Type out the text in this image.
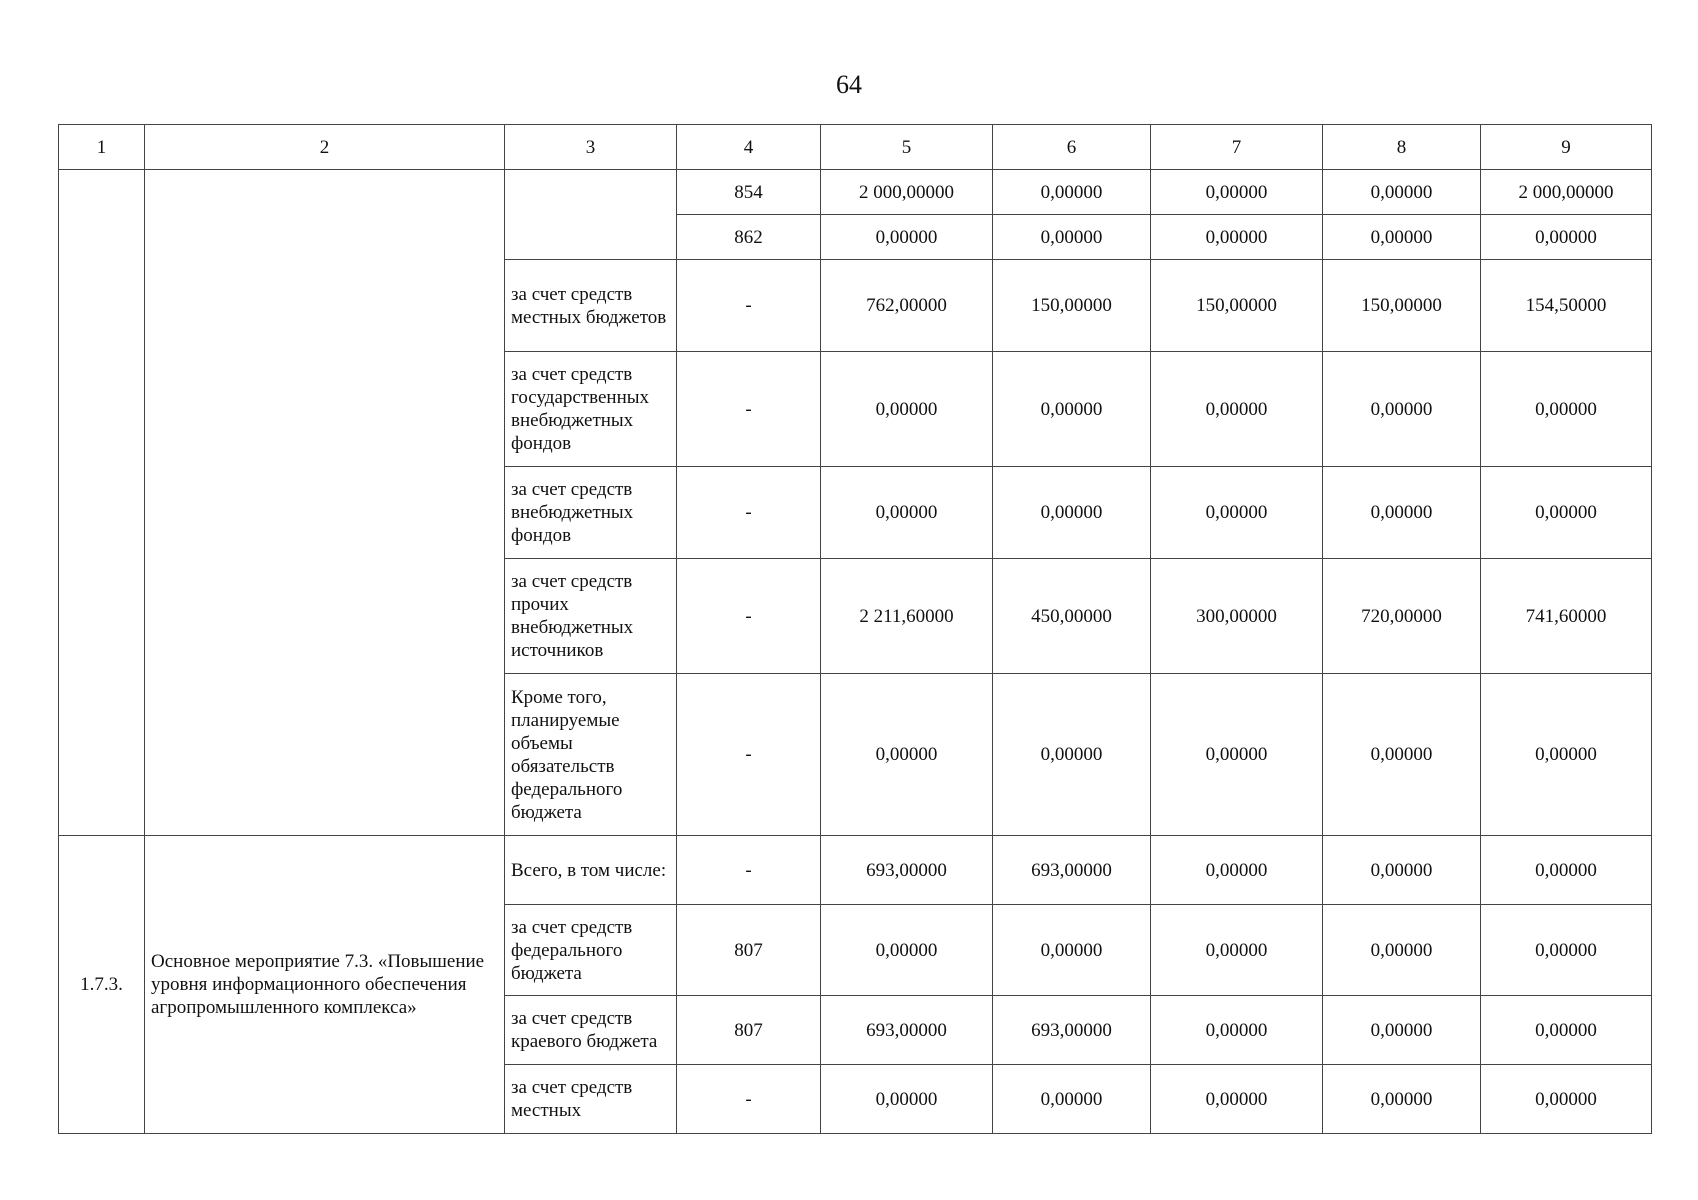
64
1	2	3	4	5	6	7	8	9
			854	2 000,00000	0,00000	0,00000	0,00000	2 000,00000
			862	0,00000	0,00000	0,00000	0,00000	0,00000
		за счет средств местных бюджетов	-	762,00000	150,00000	150,00000	150,00000	154,50000
		за счет средств государственных внебюджетных фондов	-	0,00000	0,00000	0,00000	0,00000	0,00000
		за счет средств внебюджетных фондов	-	0,00000	0,00000	0,00000	0,00000	0,00000
		за счет средств прочих внебюджетных источников	-	2 211,60000	450,00000	300,00000	720,00000	741,60000
		Кроме того, планируемые объемы обязательств федерального бюджета	-	0,00000	0,00000	0,00000	0,00000	0,00000
1.7.3.	Основное мероприятие 7.3. «Повышение уровня информационного обеспечения агропромышленного комплекса»	Всего, в том числе:	-	693,00000	693,00000	0,00000	0,00000	0,00000
		за счет средств федерального бюджета	807	0,00000	0,00000	0,00000	0,00000	0,00000
		за счет средств краевого бюджета	807	693,00000	693,00000	0,00000	0,00000	0,00000
		за счет средств местных	-	0,00000	0,00000	0,00000	0,00000	0,00000
